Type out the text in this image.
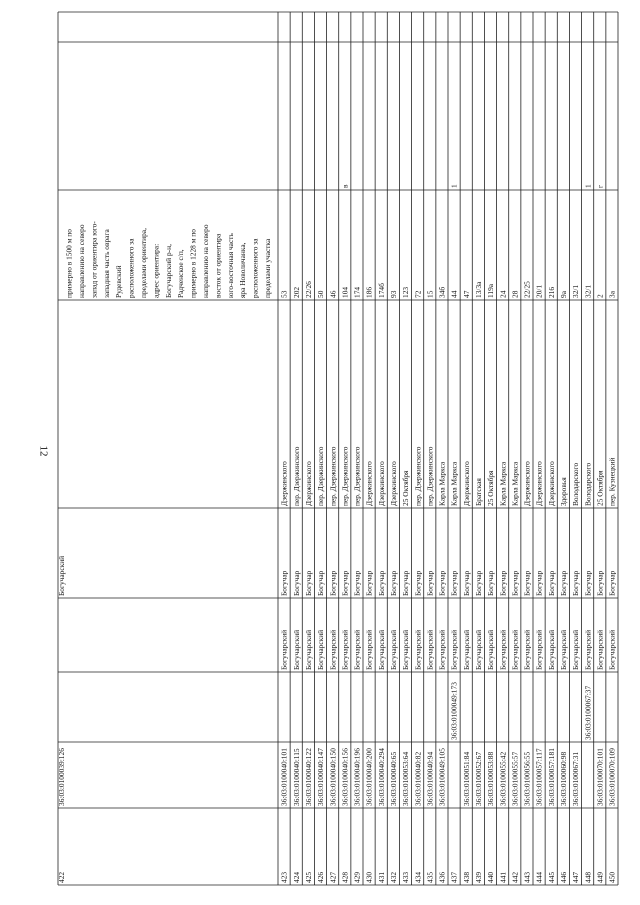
12
422
36:03:0100039:126
Богучарский
примерно в 1500 м по направлению на северо запад от ориентира юго- западная часть оврага Рудевский расположенного за пределами ориентира, адрес ориентира: Богучарский р-н, Радченское с/п, примерно в 1228 м по направлению на северо восток от ориентира юго-восточная часть яра Новоличанка, расположенного за пределами участка
423
36:03:0100040:101
Богучарский
Богучар
Дзержинского
53
424
36:03:0100040:115
Богучарский
Богучар
пер. Дзержинского
202
425
36:03:0100040:122
Богучарский
Богучар
Дзержинского
22/26
426
36:03:0100040:147
Богучарский
Богучар
пер. Дзержинского
50
427
36:03:0100040:150
Богучарский
Богучар
пер. Дзержинского
46
428
36:03:0100040:156
Богучарский
Богучар
пер. Дзержинского
104
в
429
36:03:0100040:196
Богучарский
Богучар
пер. Дзержинского
174
430
36:03:0100040:200
Богучарский
Богучар
Дзержинского
186
431
36:03:0100040:294
Богучарский
Богучар
Дзержинского
174б
432
36:03:0100040:65
Богучарский
Богучар
Дзержинского
93
433
36:03:0100053:64
Богучарский
Богучар
25 Октября
123
434
36:03:0100040:82
Богучарский
Богучар
пер. Дзержинского
72
435
36:03:0100040:94
Богучарский
Богучар
пер. Дзержинского
15
436
36:03:0100049:105
Богучарский
Богучар
Карла Маркса
34б
437
36:03:0100049:173
Богучарский
Богучар
Карла Маркса
44
1
438
36:03:0100051:84
Богучарский
Богучар
Дзержинского
47
439
36:03:0100052:67
Богучарский
Богучар
Братская
13/3а
440
36:03:0100053:88
Богучарский
Богучар
25 Октября
119а
441
36:03:0100055:42
Богучарский
Богучар
Карла Маркса
24
442
36:03:0100055:57
Богучарский
Богучар
Карла Маркса
28
443
36:03:0100056:55
Богучарский
Богучар
Дзержинского
22/25
444
36:03:0100057:117
Богучарский
Богучар
Дзержинского
20/1
445
36:03:0100057:181
Богучарский
Богучар
Дзержинского
216
446
36:03:0100060:98
Богучарский
Богучар
Здоровья
9а
447
36:03:0100067:31
Богучарский
Богучар
Володарского
32/1
448
36:03:0100067:37
Богучарский
Богучар
Володарского
32/1
1
449
36:03:0100070:101
Богучарский
Богучар
25 Октября
2
г
450
36:03:0100070:109
Богучарский
Богучар
пер. Кузнецкий
3а
